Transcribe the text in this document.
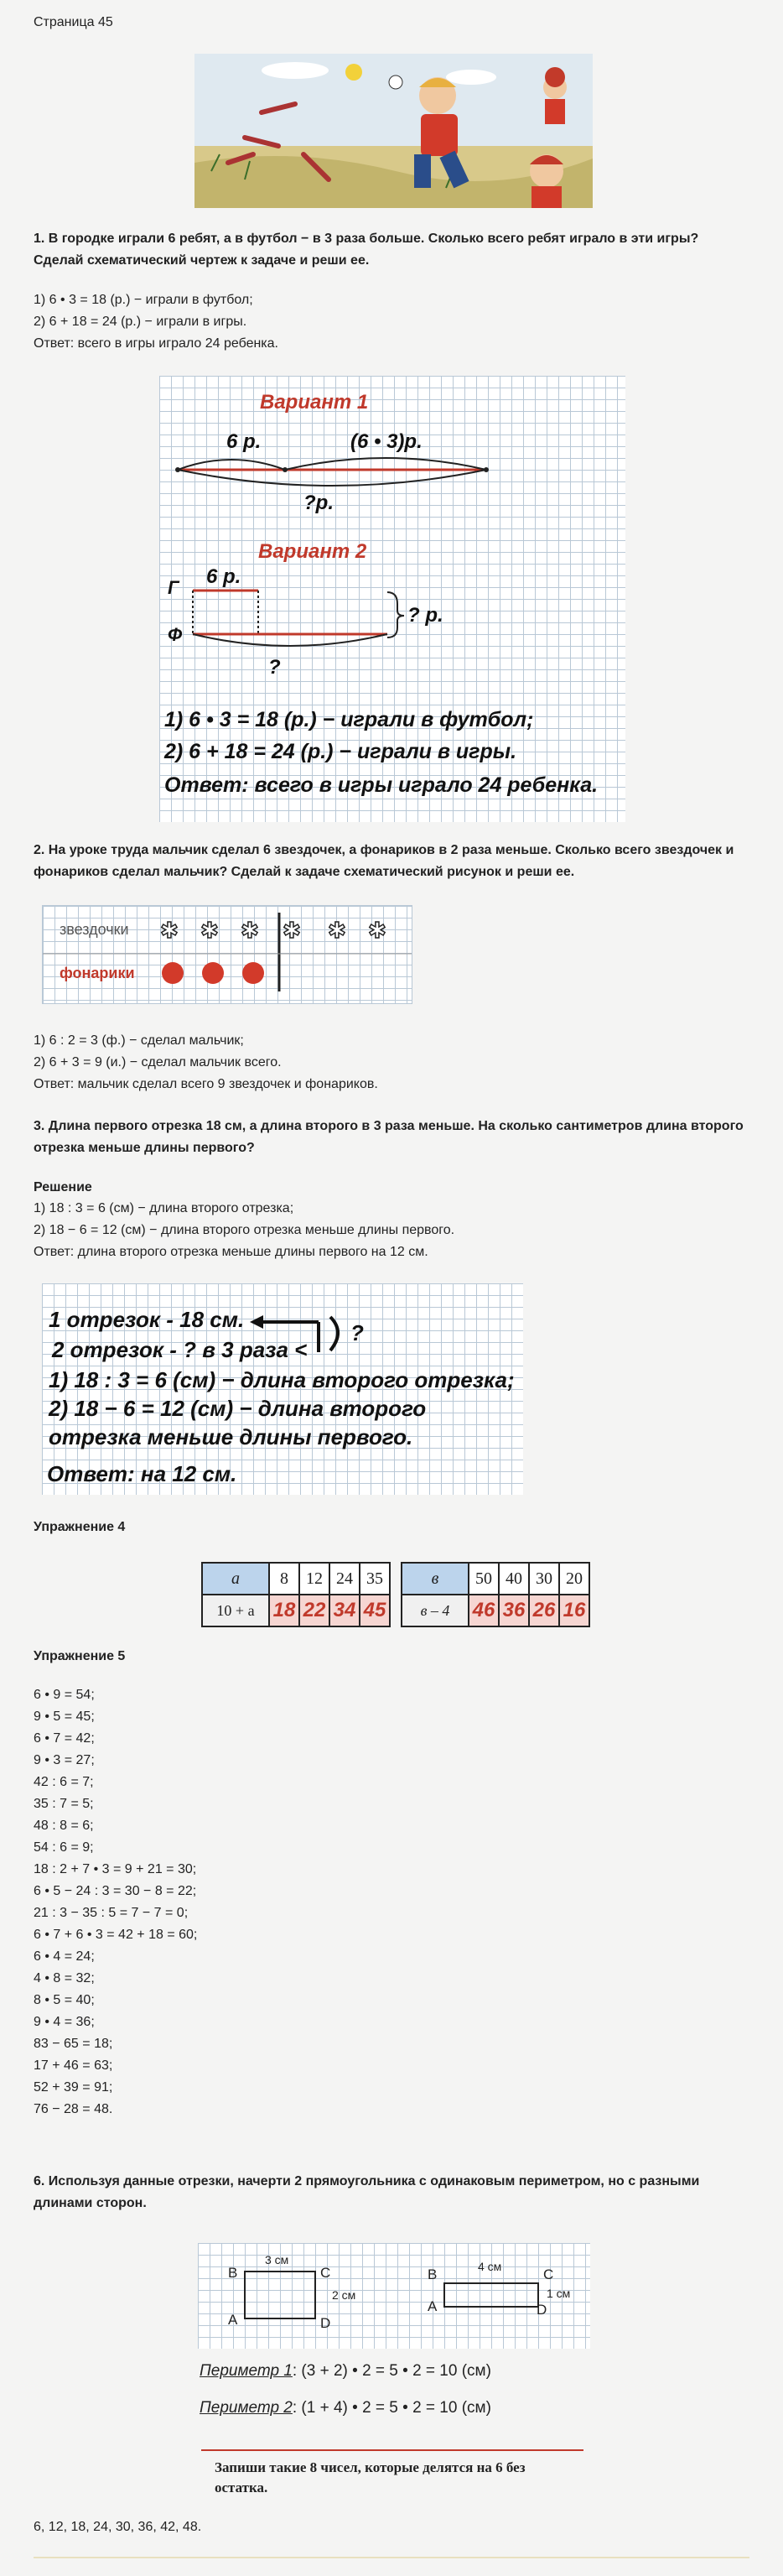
Страница 45
1. В городке играли 6 ребят, а в футбол − в 3 раза больше. Сколько всего ребят играло в эти игры? Сделай схематический чертеж к задаче и реши ее.
1) 6 • 3 = 18 (р.) − играли в футбол;
2) 6 + 18 = 24 (р.) − играли в игры.
Ответ: всего в игры играло 24 ребенка.
Вариант 1
6 р.	(6 • 3)р.
?р.
Вариант 2
Г
Ф
6 р.
? р.
?
1) 6 • 3 = 18 (р.) − играли в футбол;
2) 6 + 18 = 24 (р.) − играли в игры.
Ответ: всего в игры играло 24 ребенка.
2. На уроке труда мальчик сделал 6 звездочек, а фонариков в 2 раза меньше. Сколько всего звездочек и фонариков сделал мальчик? Сделай к задаче схематический рисунок и реши ее.
звездочки
фонарики
✱ ✱ ✱	✱ ✱
✱
1) 6 : 2 = 3 (ф.) − сделал мальчик;
2) 6 + 3 = 9 (и.) − сделал мальчик всего.
Ответ: мальчик сделал всего 9 звездочек и фонариков.
3. Длина первого отрезка 18 см, а длина второго в 3 раза меньше. На сколько сантиметров длина второго отрезка меньше длины первого?
Решение
1) 18 : 3 = 6 (см) − длина второго отрезка;
2) 18 − 6 = 12 (см) − длина второго отрезка меньше длины первого.
Ответ: длина второго отрезка меньше длины первого на 12 см.
1 отрезок - 18 см.
2 отрезок - ? в 3 раза <
?
1) 18 : 3 = 6 (см) − длина второго отрезка;
2) 18 − 6 = 12 (см) − длина второго
отрезка меньше длины первого.
Ответ: на 12 см.
Упражнение 4
а	8	12	24	35
10 + а	18	22	34	45
в	50	40	30	20
в – 4	46	36	26	16
Упражнение 5
6 • 9 = 54;
9 • 5 = 45;
6 • 7 = 42;
9 • 3 = 27;
42 : 6 = 7;
35 : 7 = 5;
48 : 8 = 6;
54 : 6 = 9;
18 : 2 + 7 • 3 = 9 + 21 = 30;
6 • 5 − 24 : 3 = 30 − 8 = 22;
21 : 3 − 35 : 5 = 7 − 7 = 0;
6 • 7 + 6 • 3 = 42 + 18 = 60;
6 • 4 = 24;
4 • 8 = 32;
8 • 5 = 40;
9 • 4 = 36;
83 − 65 = 18;
17 + 46 = 63;
52 + 39 = 91;
76 − 28 = 48.
6. Используя данные отрезки, начерти 2 прямоугольника с одинаковым периметром, но с разными длинами сторон.
3 см
2 см
B	C
A	D
4 см
1 см
B	C
A	D
Периметр 1: (3 + 2) • 2 = 5 • 2 = 10 (см)
Периметр 2: (1 + 4) • 2 = 5 • 2 = 10 (см)
Запиши такие 8 чисел, которые делятся на 6 без остатка.
6, 12, 18, 24, 30, 36, 42, 48.
